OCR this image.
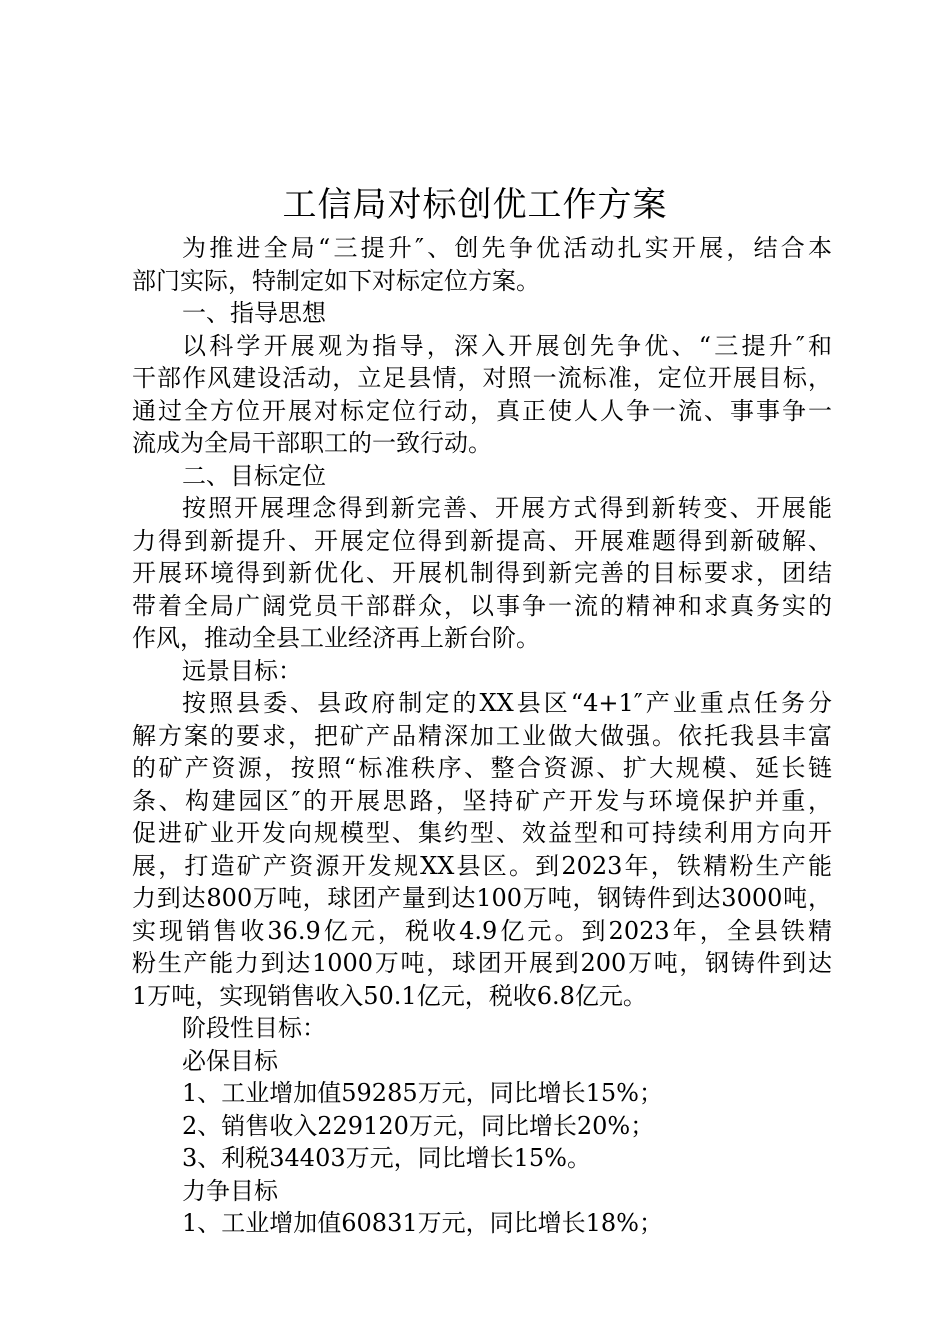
工信局对标创优工作方案
为推进全局“三提升″、创先争优活动扎实开展，结合本
部门实际，特制定如下对标定位方案。
一、指导思想
以科学开展观为指导，深入开展创先争优、“三提升″和
干部作风建设活动，立足县情，对照一流标准，定位开展目标，
通过全方位开展对标定位行动，真正使人人争一流、事事争一
流成为全局干部职工的一致行动。
二、目标定位
按照开展理念得到新完善、开展方式得到新转变、开展能
力得到新提升、开展定位得到新提高、开展难题得到新破解、
开展环境得到新优化、开展机制得到新完善的目标要求，团结
带着全局广阔党员干部群众，以事争一流的精神和求真务实的
作风，推动全县工业经济再上新台阶。
远景目标：
按照县委、县政府制定的XX县区“4+1″产业重点任务分
解方案的要求，把矿产品精深加工业做大做强。依托我县丰富
的矿产资源，按照“标准秩序、整合资源、扩大规模、延长链
条、构建园区″的开展思路，坚持矿产开发与环境保护并重，
促进矿业开发向规模型、集约型、效益型和可持续利用方向开
展，打造矿产资源开发规XX县区。到2023年，铁精粉生产能
力到达800万吨，球团产量到达100万吨，钢铸件到达3000吨，
实现销售收36.9亿元，税收4.9亿元。到2023年，全县铁精
粉生产能力到达1000万吨，球团开展到200万吨，钢铸件到达
1万吨，实现销售收入50.1亿元，税收6.8亿元。
阶段性目标：
必保目标
1、工业增加值59285万元，同比增长15%；
2、销售收入229120万元，同比增长20%；
3、利税34403万元，同比增长15%。
力争目标
1、工业增加值60831万元，同比增长18%；
